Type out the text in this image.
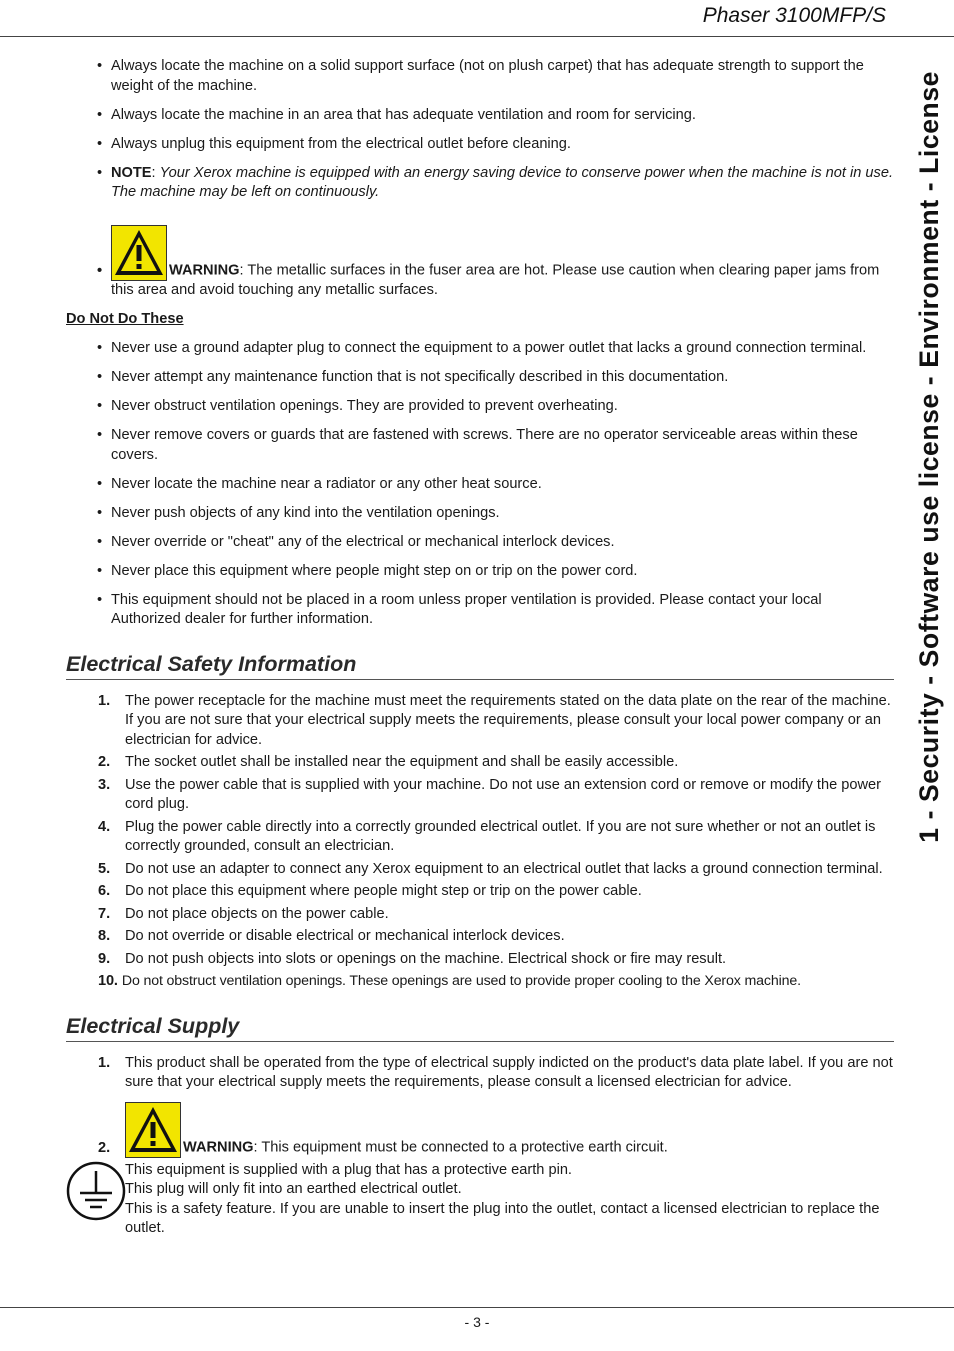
Phaser 3100MFP/S
1 - Security - Software use license - Environment - License
• Always locate the machine on a solid support surface (not on plush carpet) that has adequate strength to support the weight of the machine.
• Always locate the machine in an area that has adequate ventilation and room for servicing.
• Always unplug this equipment from the electrical outlet before cleaning.
• NOTE: Your Xerox machine is equipped with an energy saving device to conserve power when the machine is not in use. The machine may be left on continuously.
•	WARNING: The metallic surfaces in the fuser area are hot. Please use caution when clearing paper jams from this area and avoid touching any metallic surfaces.
Do Not Do These
• Never use a ground adapter plug to connect the equipment to a power outlet that lacks a ground connection terminal.
• Never attempt any maintenance function that is not specifically described in this documentation.
• Never obstruct ventilation openings. They are provided to prevent overheating.
• Never remove covers or guards that are fastened with screws. There are no operator serviceable areas within these covers.
• Never locate the machine near a radiator or any other heat source.
• Never push objects of any kind into the ventilation openings.
• Never override or "cheat" any of the electrical or mechanical interlock devices.
• Never place this equipment where people might step on or trip on the power cord.
• This equipment should not be placed in a room unless proper ventilation is provided. Please contact your local Authorized dealer for further information.
Electrical Safety Information
1. The power receptacle for the machine must meet the requirements stated on the data plate on the rear of the machine. If you are not sure that your electrical supply meets the requirements, please consult your local power company or an electrician for advice.
2. The socket outlet shall be installed near the equipment and shall be easily accessible.
3. Use the power cable that is supplied with your machine. Do not use an extension cord or remove or modify the power cord plug.
4. Plug the power cable directly into a correctly grounded electrical outlet. If you are not sure whether or not an outlet is correctly grounded, consult an electrician.
5. Do not use an adapter to connect any Xerox equipment to an electrical outlet that lacks a ground connection terminal.
6. Do not place this equipment where people might step or trip on the power cable.
7. Do not place objects on the power cable.
8. Do not override or disable electrical or mechanical interlock devices.
9. Do not push objects into slots or openings on the machine. Electrical shock or fire may result.
10. Do not obstruct ventilation openings. These openings are used to provide proper cooling to the Xerox machine.
Electrical Supply
1. This product shall be operated from the type of electrical supply indicted on the product's data plate label. If you are not sure that your electrical supply meets the requirements, please consult a licensed electrician for advice.
2.	WARNING: This equipment must be connected to a protective earth circuit.
This equipment is supplied with a plug that has a protective earth pin.
This plug will only fit into an earthed electrical outlet.
This is a safety feature. If you are unable to insert the plug into the outlet, contact a licensed electrician to replace the outlet.
- 3 -
